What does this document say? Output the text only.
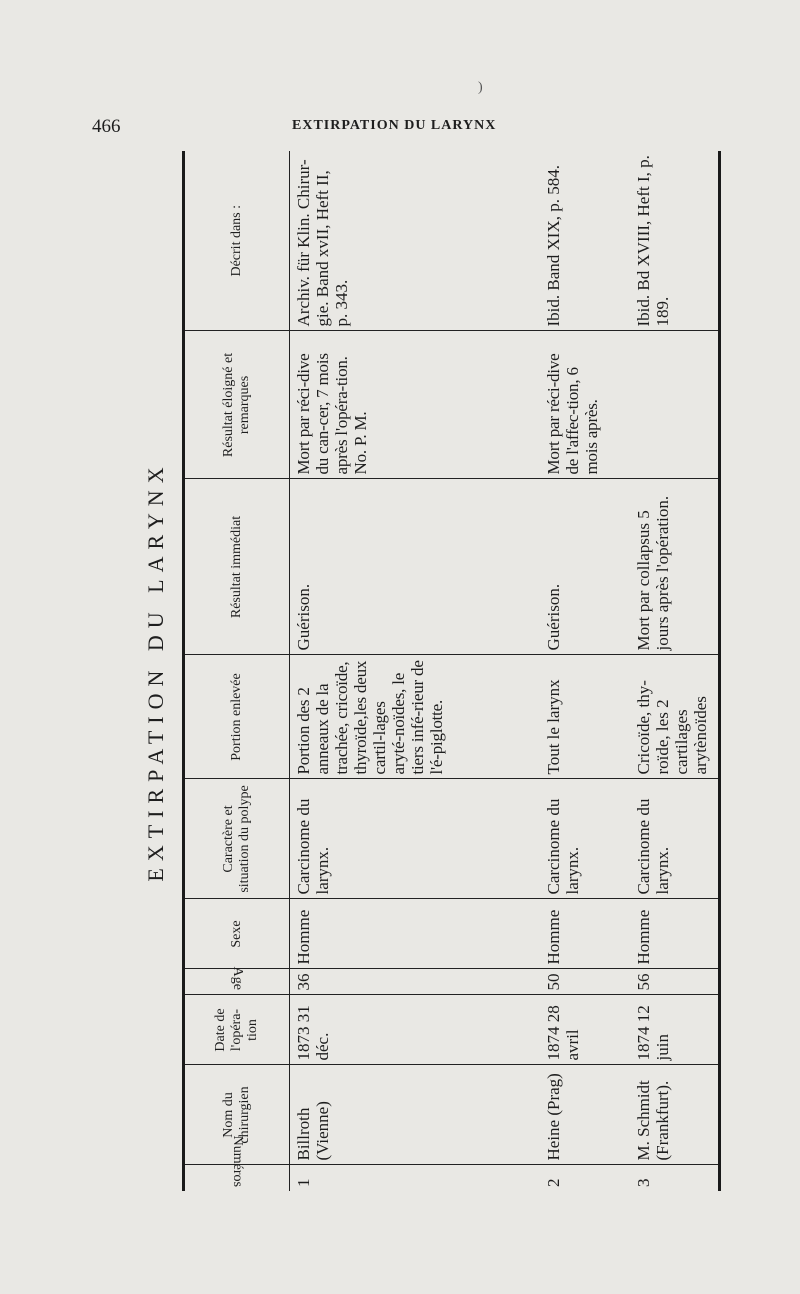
466	EXTIRPATION DU LARYNX
)
EXTIRPATION DU LARYNX
Numéros	Nom du chirurgien	Date de l'opéra-tion	Age	Sexe	Caractère et situation du polype	Portion enlevée	Résultat immédiat	Résultat éloigné et remarques	Décrit dans :
1	Billroth (Vienne)	1873 31 déc.	36	Homme	Carcinome du larynx.	Portion des 2 anneaux de la trachée, cricoïde, thyroïde,les deux cartil-lages aryté-noïdes, le tiers infé-rieur de l'é-piglotte.	Guérison.	Mort par réci-dive du can-cer, 7 mois après l'opéra-tion. No. P. M.	Archiv. für Klin. Chirur-gie. Band xvII, Heft II, p. 343.
2	Heine (Prag)	1874 28 avril	50	Homme	Carcinome du larynx.	Tout le larynx	Guérison.	Mort par réci-dive de l'affec-tion, 6 mois après.	Ibid. Band XIX, p. 584.
3	M. Schmidt (Frankfurt).	1874 12 juin	56	Homme	Carcinome du larynx.	Cricoïde, thy-roïde, les 2 cartilages arytènoïdes	Mort par collapsus 5 jours après l'opération.		Ibid. Bd XVIII, Heft I, p. 189.
